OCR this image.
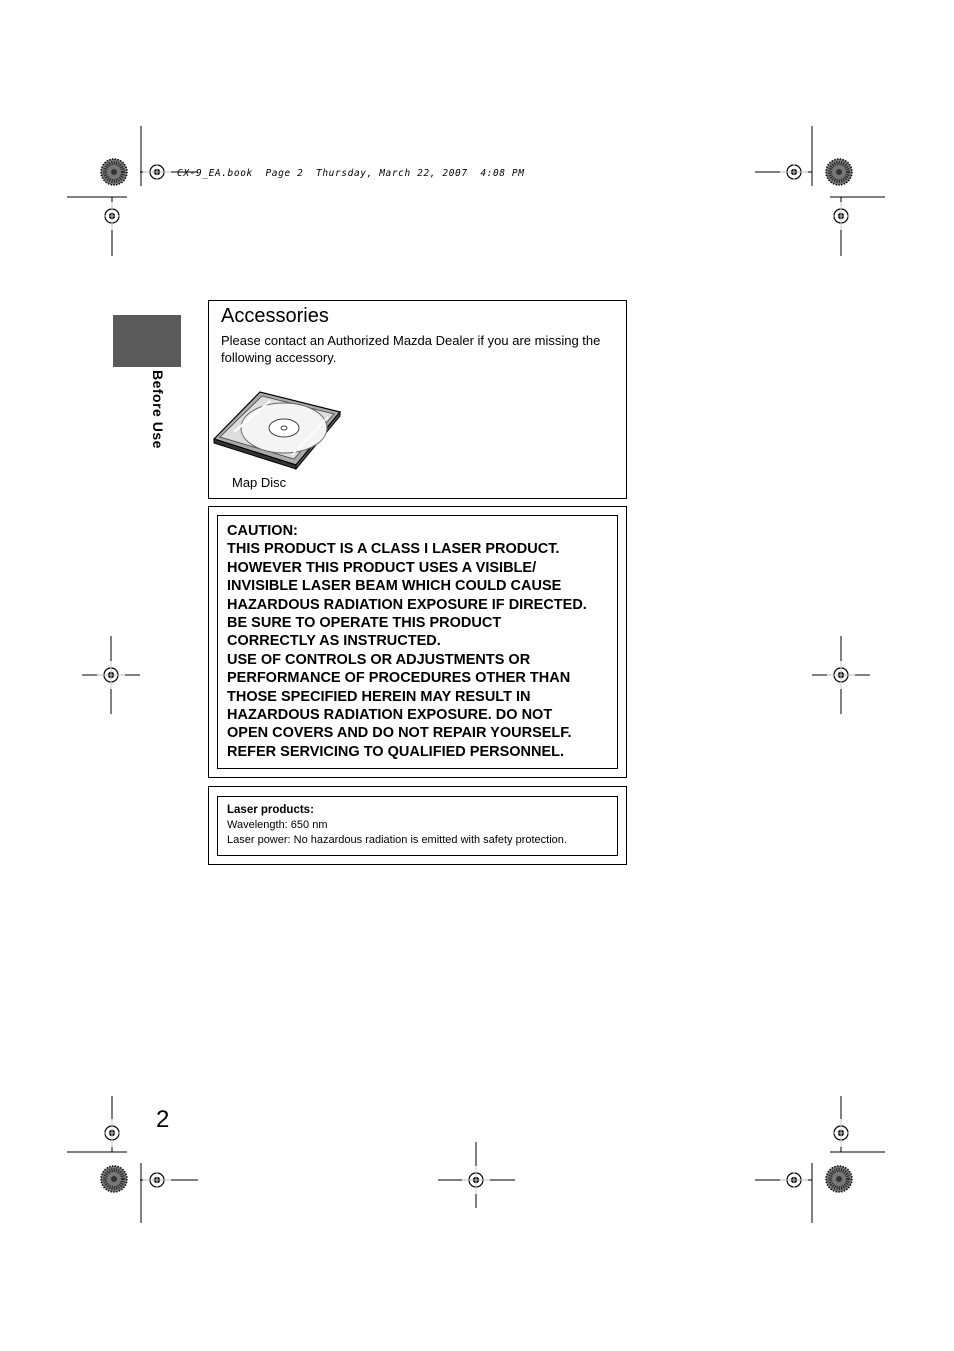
CX-9_EA.book  Page 2  Thursday, March 22, 2007  4:08 PM
Before Use
Accessories

Please contact an Authorized Mazda Dealer if you are missing the following accessory.

Map Disc
CAUTION:
THIS PRODUCT IS A CLASS I LASER PRODUCT.
HOWEVER THIS PRODUCT USES A VISIBLE/
INVISIBLE LASER BEAM WHICH COULD CAUSE
HAZARDOUS RADIATION EXPOSURE IF DIRECTED.
BE SURE TO OPERATE THIS PRODUCT
CORRECTLY AS INSTRUCTED.
USE OF CONTROLS OR ADJUSTMENTS OR
PERFORMANCE OF PROCEDURES OTHER THAN
THOSE SPECIFIED HEREIN MAY RESULT IN
HAZARDOUS RADIATION EXPOSURE. DO NOT
OPEN COVERS AND DO NOT REPAIR YOURSELF.
REFER SERVICING TO QUALIFIED PERSONNEL.
Laser products:
Wavelength: 650 nm
Laser power: No hazardous radiation is emitted with safety protection.
2
